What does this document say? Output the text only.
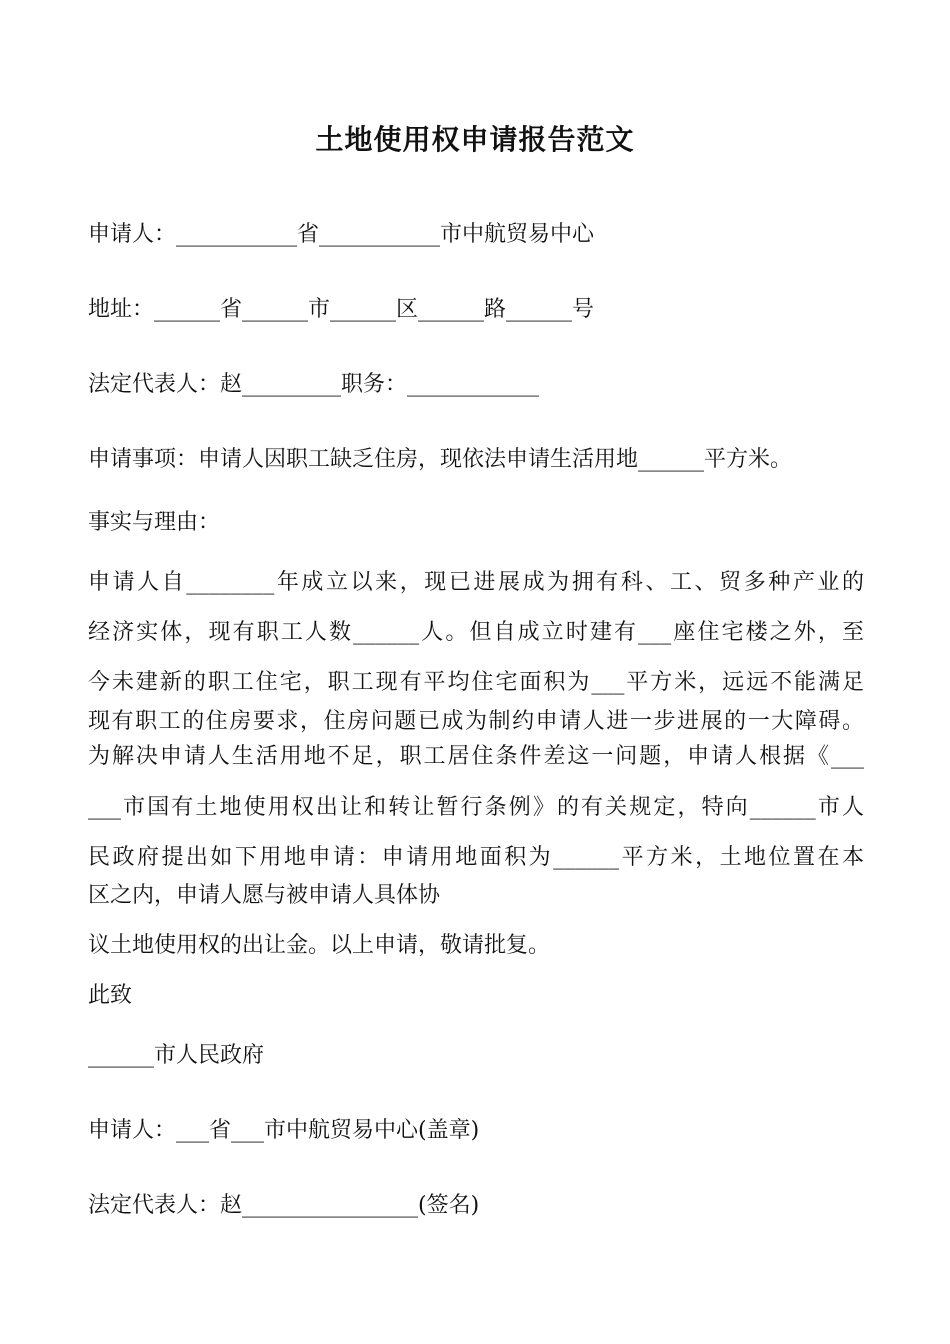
土地使用权申请报告范文
申请人：___________省___________市中航贸易中心
地址：______省______市______区______路______号
法定代表人：赵_________职务：____________
申请事项：申请人因职工缺乏住房，现依法申请生活用地______平方米。
事实与理由：
申请人自________年成立以来，现已进展成为拥有科、工、贸多种产业的
经济实体，现有职工人数______人。但自成立时建有___座住宅楼之外，至
今未建新的职工住宅，职工现有平均住宅面积为___平方米，远远不能满足
现有职工的住房要求，住房问题已成为制约申请人进一步进展的一大障碍。
为解决申请人生活用地不足，职工居住条件差这一问题，申请人根据《___
___市国有土地使用权出让和转让暂行条例》的有关规定，特向______市人
民政府提出如下用地申请：申请用地面积为______平方米，土地位置在本
区之内，申请人愿与被申请人具体协
议土地使用权的出让金。以上申请，敬请批复。
此致
______市人民政府
申请人：___省___市中航贸易中心(盖章)
法定代表人：赵________________(签名)
